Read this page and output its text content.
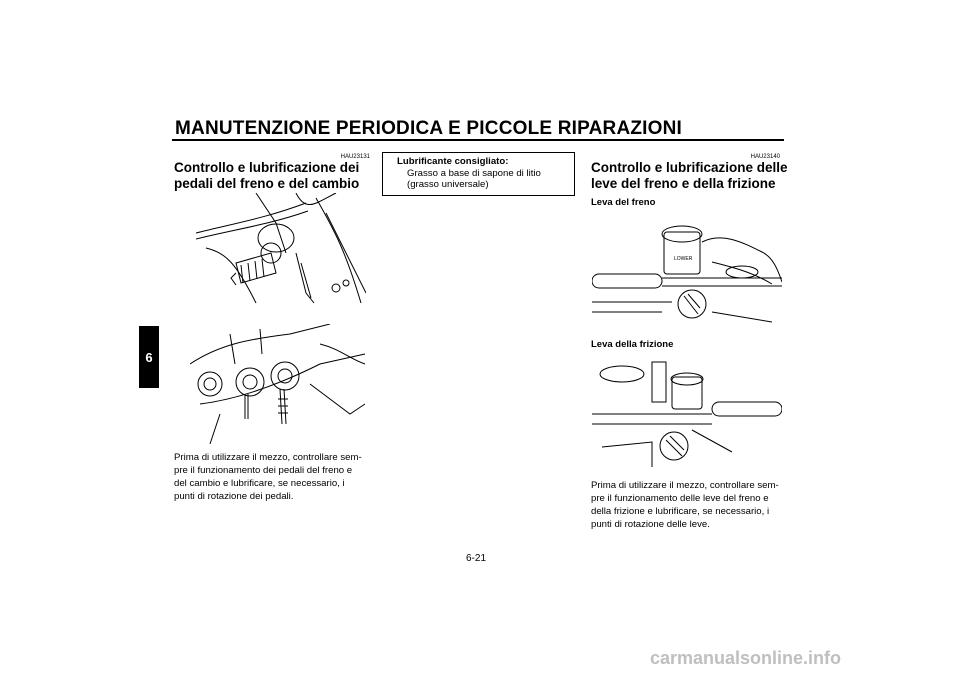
MANUTENZIONE PERIODICA E PICCOLE RIPARAZIONI
6
HAU23131
Controllo e lubrificazione dei
pedali del freno e del cambio
Prima di utilizzare il mezzo, controllare sem-
pre il funzionamento dei pedali del freno e
del cambio e lubrificare, se necessario, i
punti di rotazione dei pedali.
Lubrificante consigliato:
Grasso a base di sapone di litio
(grasso universale)
HAU23140
Controllo e lubrificazione delle
leve del freno e della frizione
Leva del freno
LOWER
Leva della frizione
Prima di utilizzare il mezzo, controllare sem-
pre il funzionamento delle leve del freno e
della frizione e lubrificare, se necessario, i
punti di rotazione delle leve.
6-21
carmanualsonline.info
